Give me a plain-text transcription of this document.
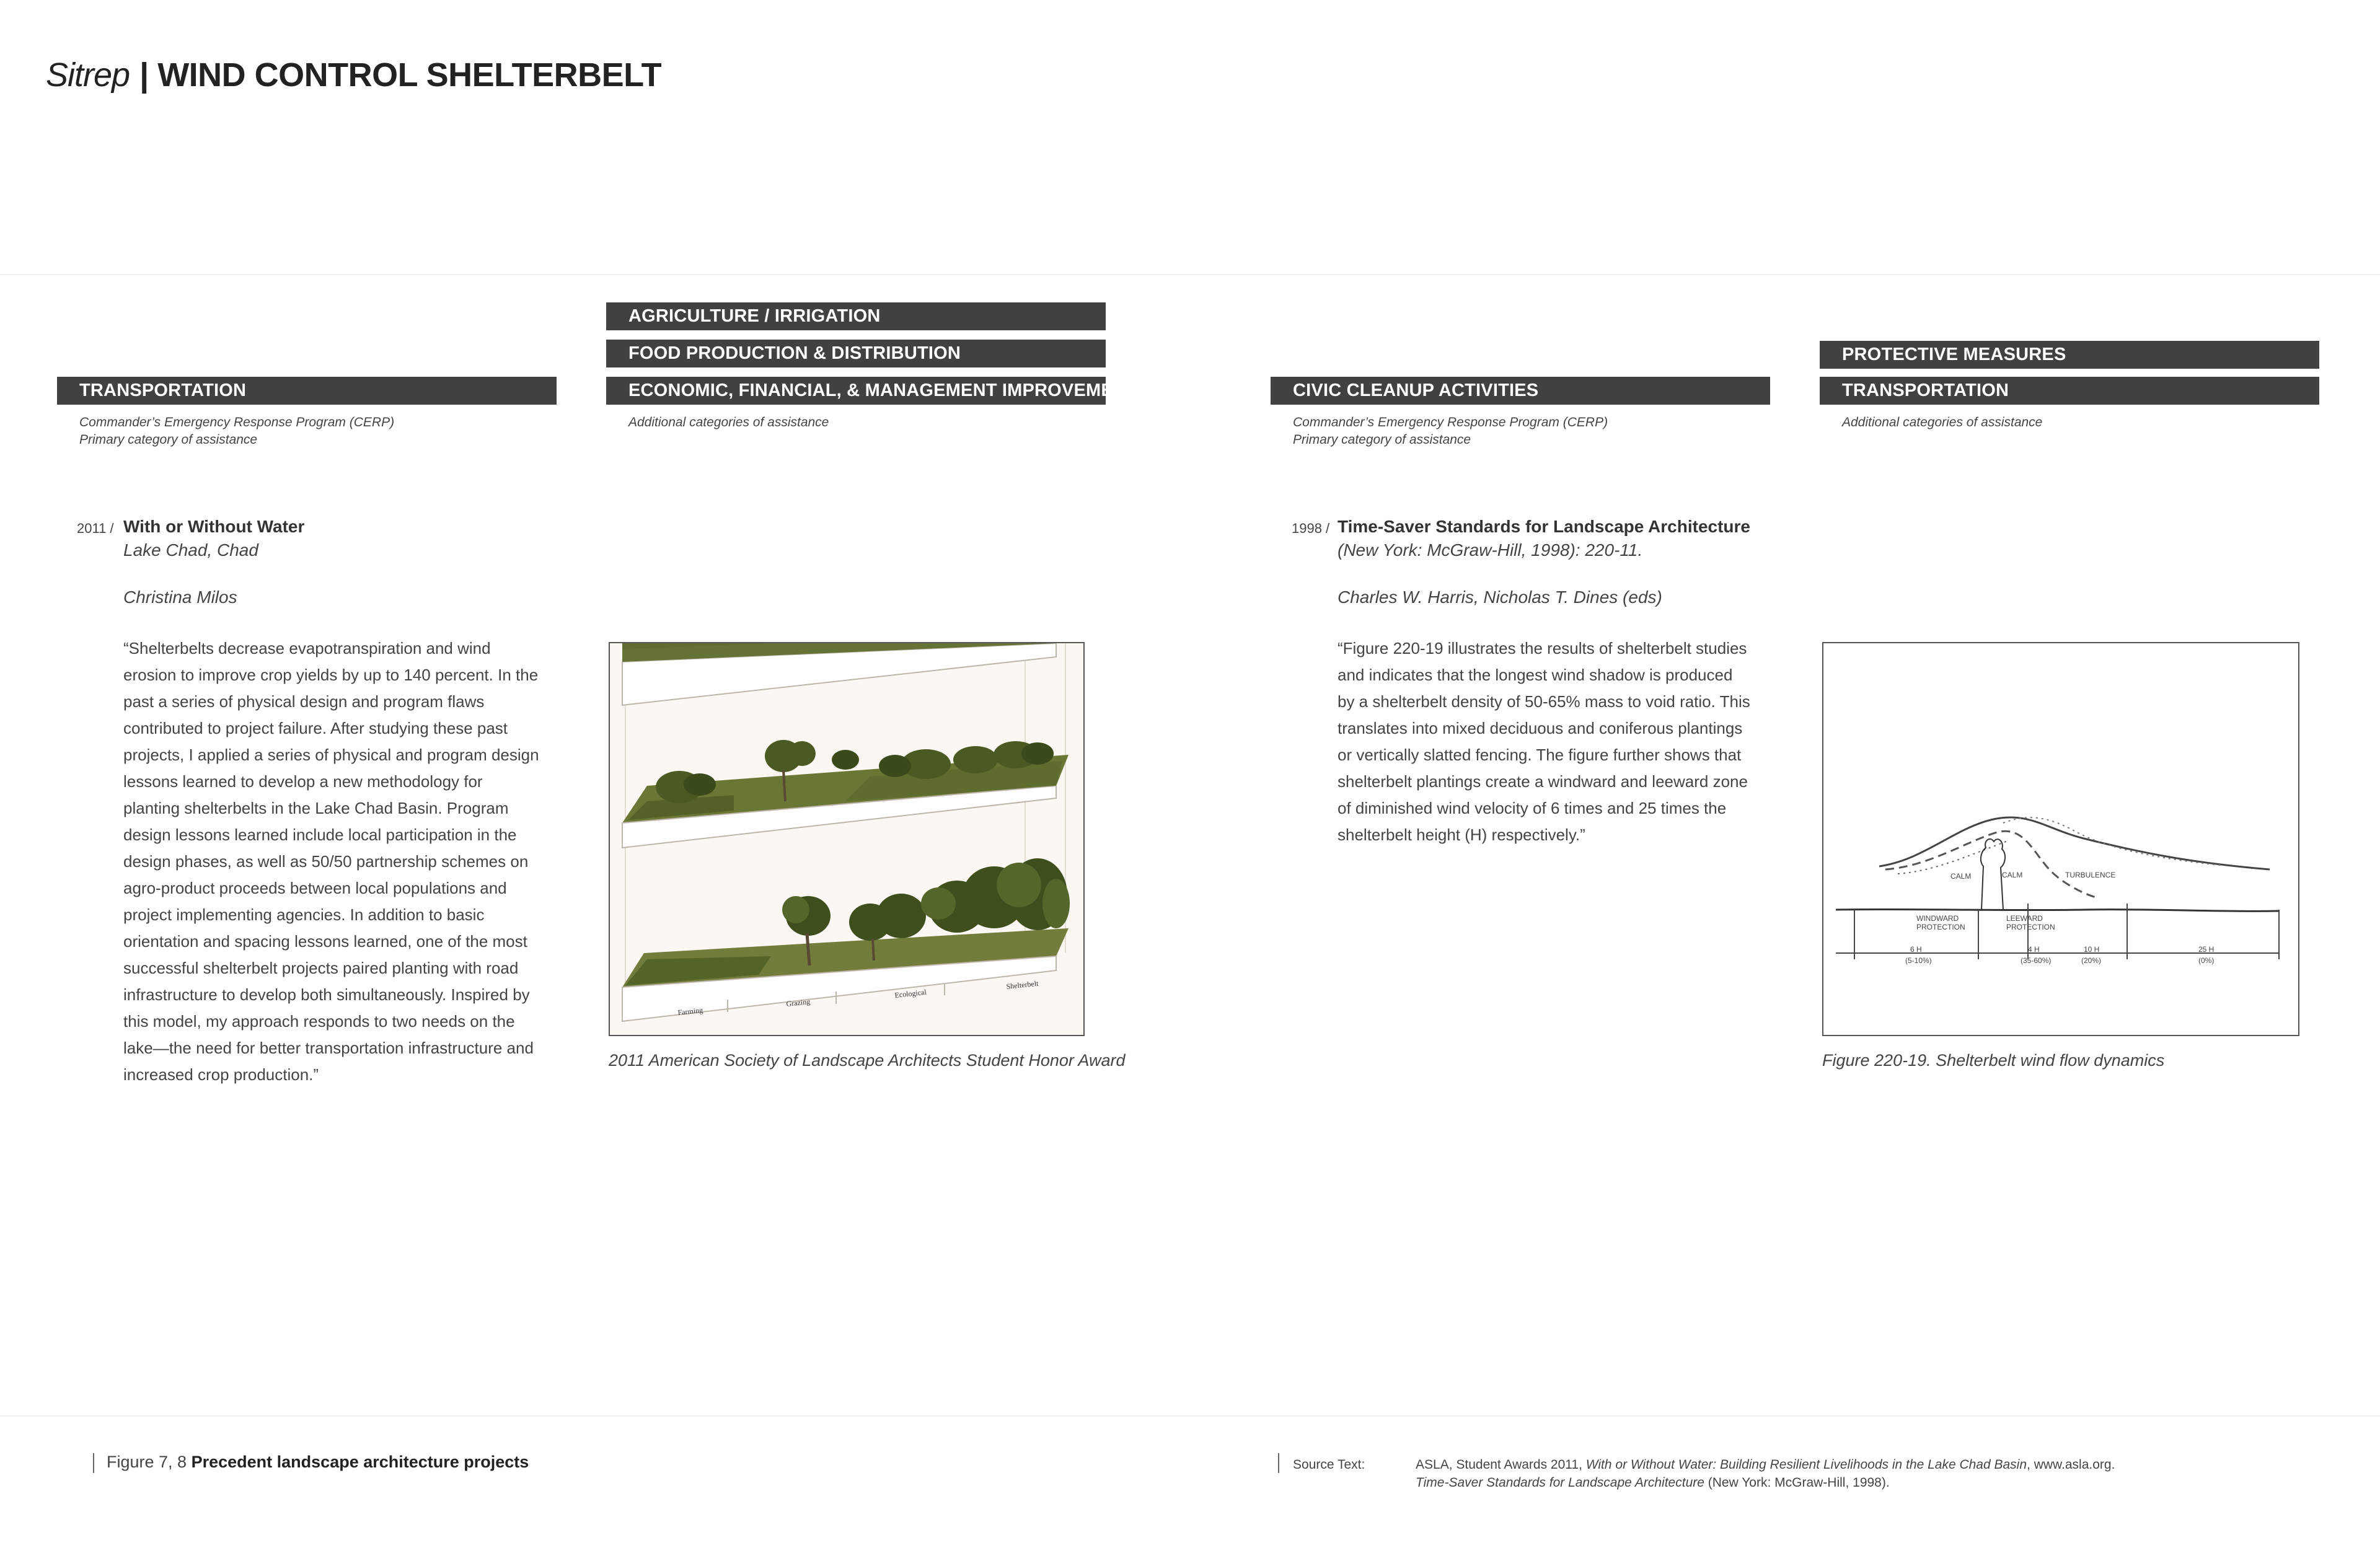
Sitrep | WIND CONTROL SHELTERBELT
TRANSPORTATION
Commander’s Emergency Response Program (CERP)
Primary category of assistance
AGRICULTURE / IRRIGATION
FOOD PRODUCTION & DISTRIBUTION
ECONOMIC, FINANCIAL, & MANAGEMENT IMPROVEMENTS
Additional categories of assistance
CIVIC CLEANUP ACTIVITIES
Commander’s Emergency Response Program (CERP)
Primary category of assistance
PROTECTIVE MEASURES
TRANSPORTATION
Additional categories of assistance
2011 / With or Without Water
Lake Chad, Chad
Christina Milos
“Shelterbelts decrease evapotranspiration and wind erosion to improve crop yields by up to 140 percent. In the past a series of physical design and program flaws contributed to project failure. After studying these past projects, I applied a series of physical and program design lessons learned to develop a new methodology for planting shelterbelts in the Lake Chad Basin. Program design lessons learned include local participation in the design phases, as well as 50/50 partnership schemes on agro-product proceeds between local populations and project implementing agencies. In addition to basic orientation and spacing lessons learned, one of the most successful shelterbelt projects paired planting with road infrastructure to develop both simultaneously. Inspired by this model, my approach responds to two needs on the lake—the need for better transportation infrastructure and increased crop production.”
Farming
Grazing
Ecological
Shelterbelt
2011 American Society of Landscape Architects Student Honor Award
1998 / Time-Saver Standards for Landscape Architecture
(New York: McGraw-Hill, 1998): 220-11.
Charles W. Harris, Nicholas T. Dines (eds)
“Figure 220-19 illustrates the results of shelterbelt studies and indicates that the longest wind shadow is produced by a shelterbelt density of 50-65% mass to void ratio. This translates into mixed deciduous and coniferous plantings or vertically slatted fencing. The figure further shows that shelterbelt plantings create a windward and leeward zone of diminished wind velocity of 6 times and 25 times the shelterbelt height (H) respectively.”
CALM	CALM	TURBULENCE
WINDWARD
PROTECTION
LEEWARD
PROTECTION
6 H
(5-10%)
4 H
(35-60%)
10 H
(20%)
25 H
(0%)
Figure 220-19. Shelterbelt wind flow dynamics
Figure 7, 8 Precedent landscape architecture projects	Source Text:	ASLA, Student Awards 2011, With or Without Water: Building Resilient Livelihoods in the Lake Chad Basin, www.asla.org.
Time-Saver Standards for Landscape Architecture (New York: McGraw-Hill, 1998).
